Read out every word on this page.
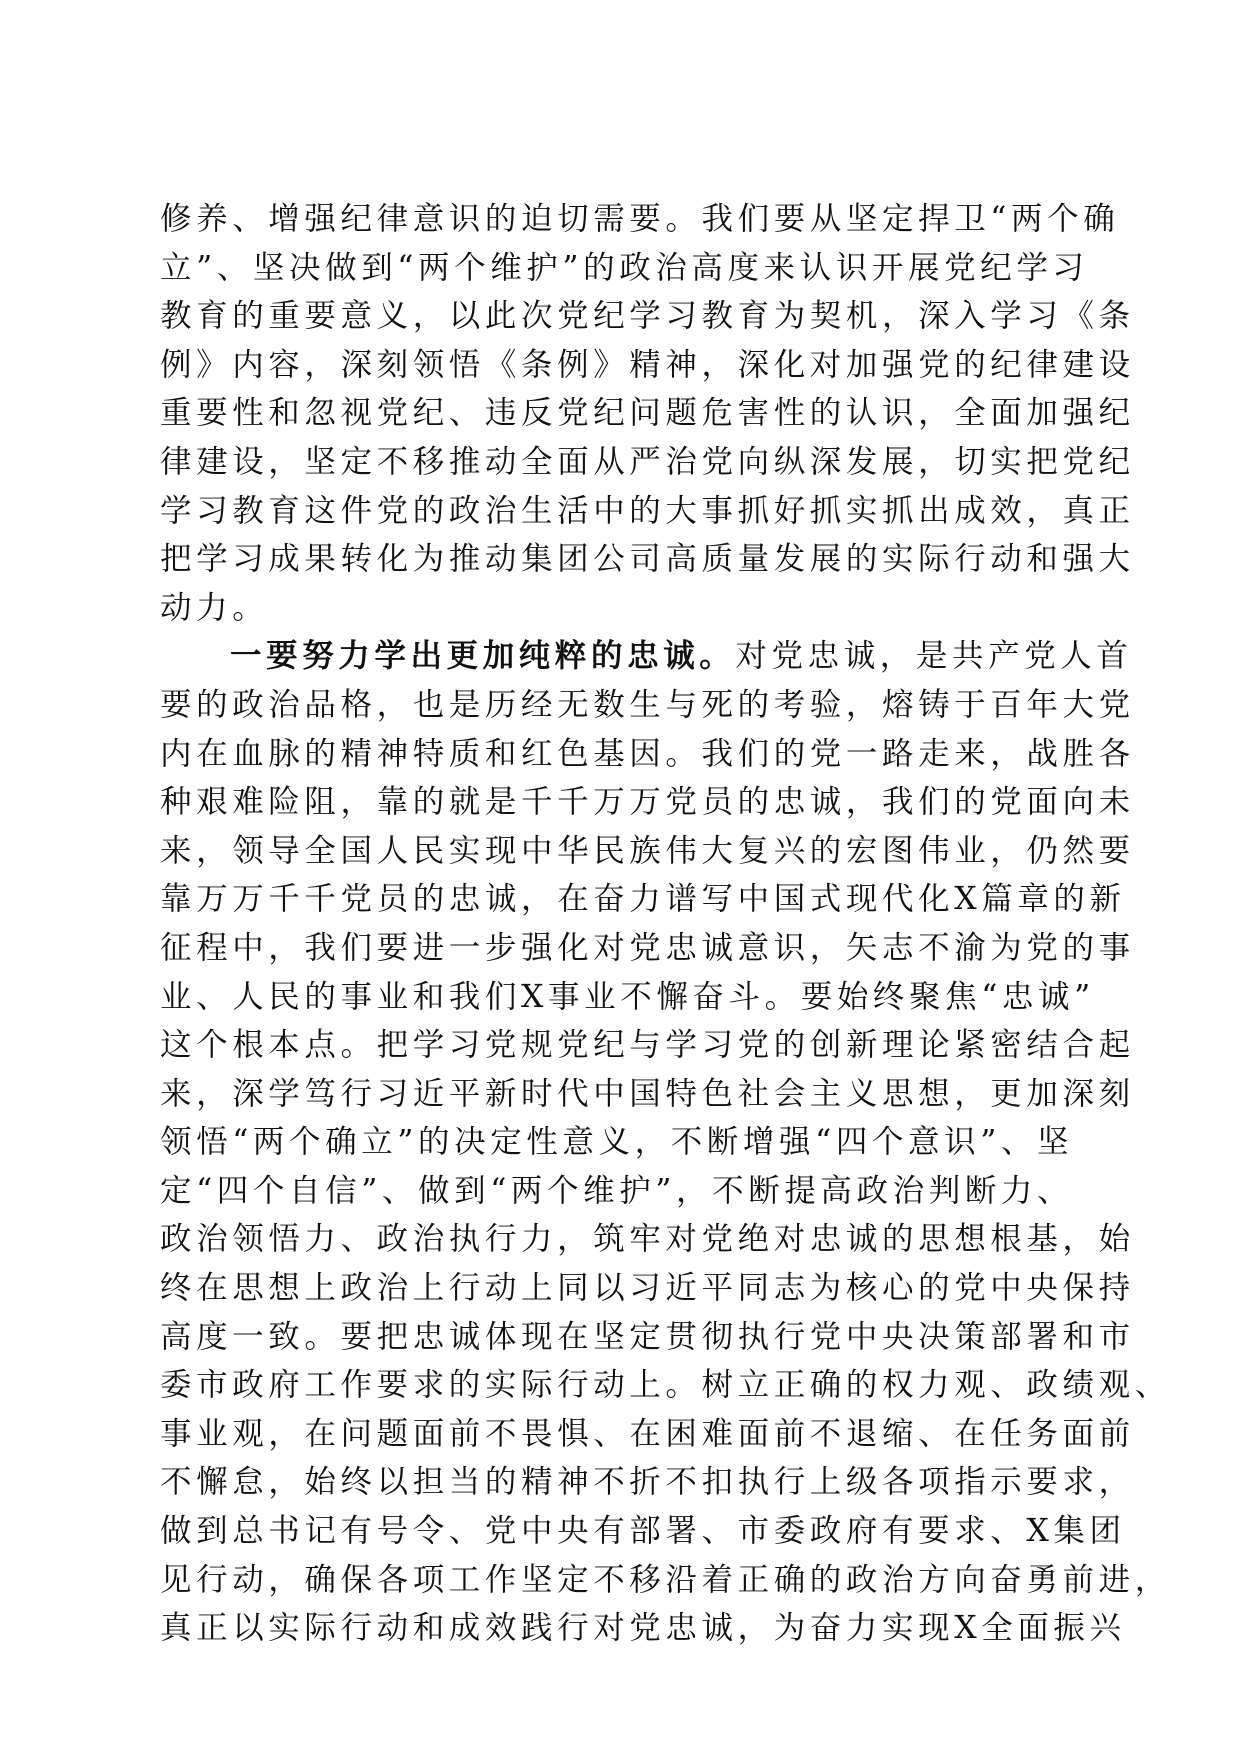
修养、增强纪律意识的迫切需要。我们要从坚定捍卫“两个确
立”、坚决做到“两个维护”的政治高度来认识开展党纪学习
教育的重要意义，以此次党纪学习教育为契机，深入学习《条
例》内容，深刻领悟《条例》精神，深化对加强党的纪律建设
重要性和忽视党纪、违反党纪问题危害性的认识，全面加强纪
律建设，坚定不移推动全面从严治党向纵深发展，切实把党纪
学习教育这件党的政治生活中的大事抓好抓实抓出成效，真正
把学习成果转化为推动集团公司高质量发展的实际行动和强大
动力。
一要努力学出更加纯粹的忠诚。对党忠诚，是共产党人首
要的政治品格，也是历经无数生与死的考验，熔铸于百年大党
内在血脉的精神特质和红色基因。我们的党一路走来，战胜各
种艰难险阻，靠的就是千千万万党员的忠诚，我们的党面向未
来，领导全国人民实现中华民族伟大复兴的宏图伟业，仍然要
靠万万千千党员的忠诚，在奋力谱写中国式现代化X篇章的新
征程中，我们要进一步强化对党忠诚意识，矢志不渝为党的事
业、人民的事业和我们X事业不懈奋斗。要始终聚焦“忠诚”
这个根本点。把学习党规党纪与学习党的创新理论紧密结合起
来，深学笃行习近平新时代中国特色社会主义思想，更加深刻
领悟“两个确立”的决定性意义，不断增强“四个意识”、坚
定“四个自信”、做到“两个维护”，不断提高政治判断力、
政治领悟力、政治执行力，筑牢对党绝对忠诚的思想根基，始
终在思想上政治上行动上同以习近平同志为核心的党中央保持
高度一致。要把忠诚体现在坚定贯彻执行党中央决策部署和市
委市政府工作要求的实际行动上。树立正确的权力观、政绩观、
事业观，在问题面前不畏惧、在困难面前不退缩、在任务面前
不懈怠，始终以担当的精神不折不扣执行上级各项指示要求，
做到总书记有号令、党中央有部署、市委政府有要求、X集团
见行动，确保各项工作坚定不移沿着正确的政治方向奋勇前进，
真正以实际行动和成效践行对党忠诚，为奋力实现X全面振兴
